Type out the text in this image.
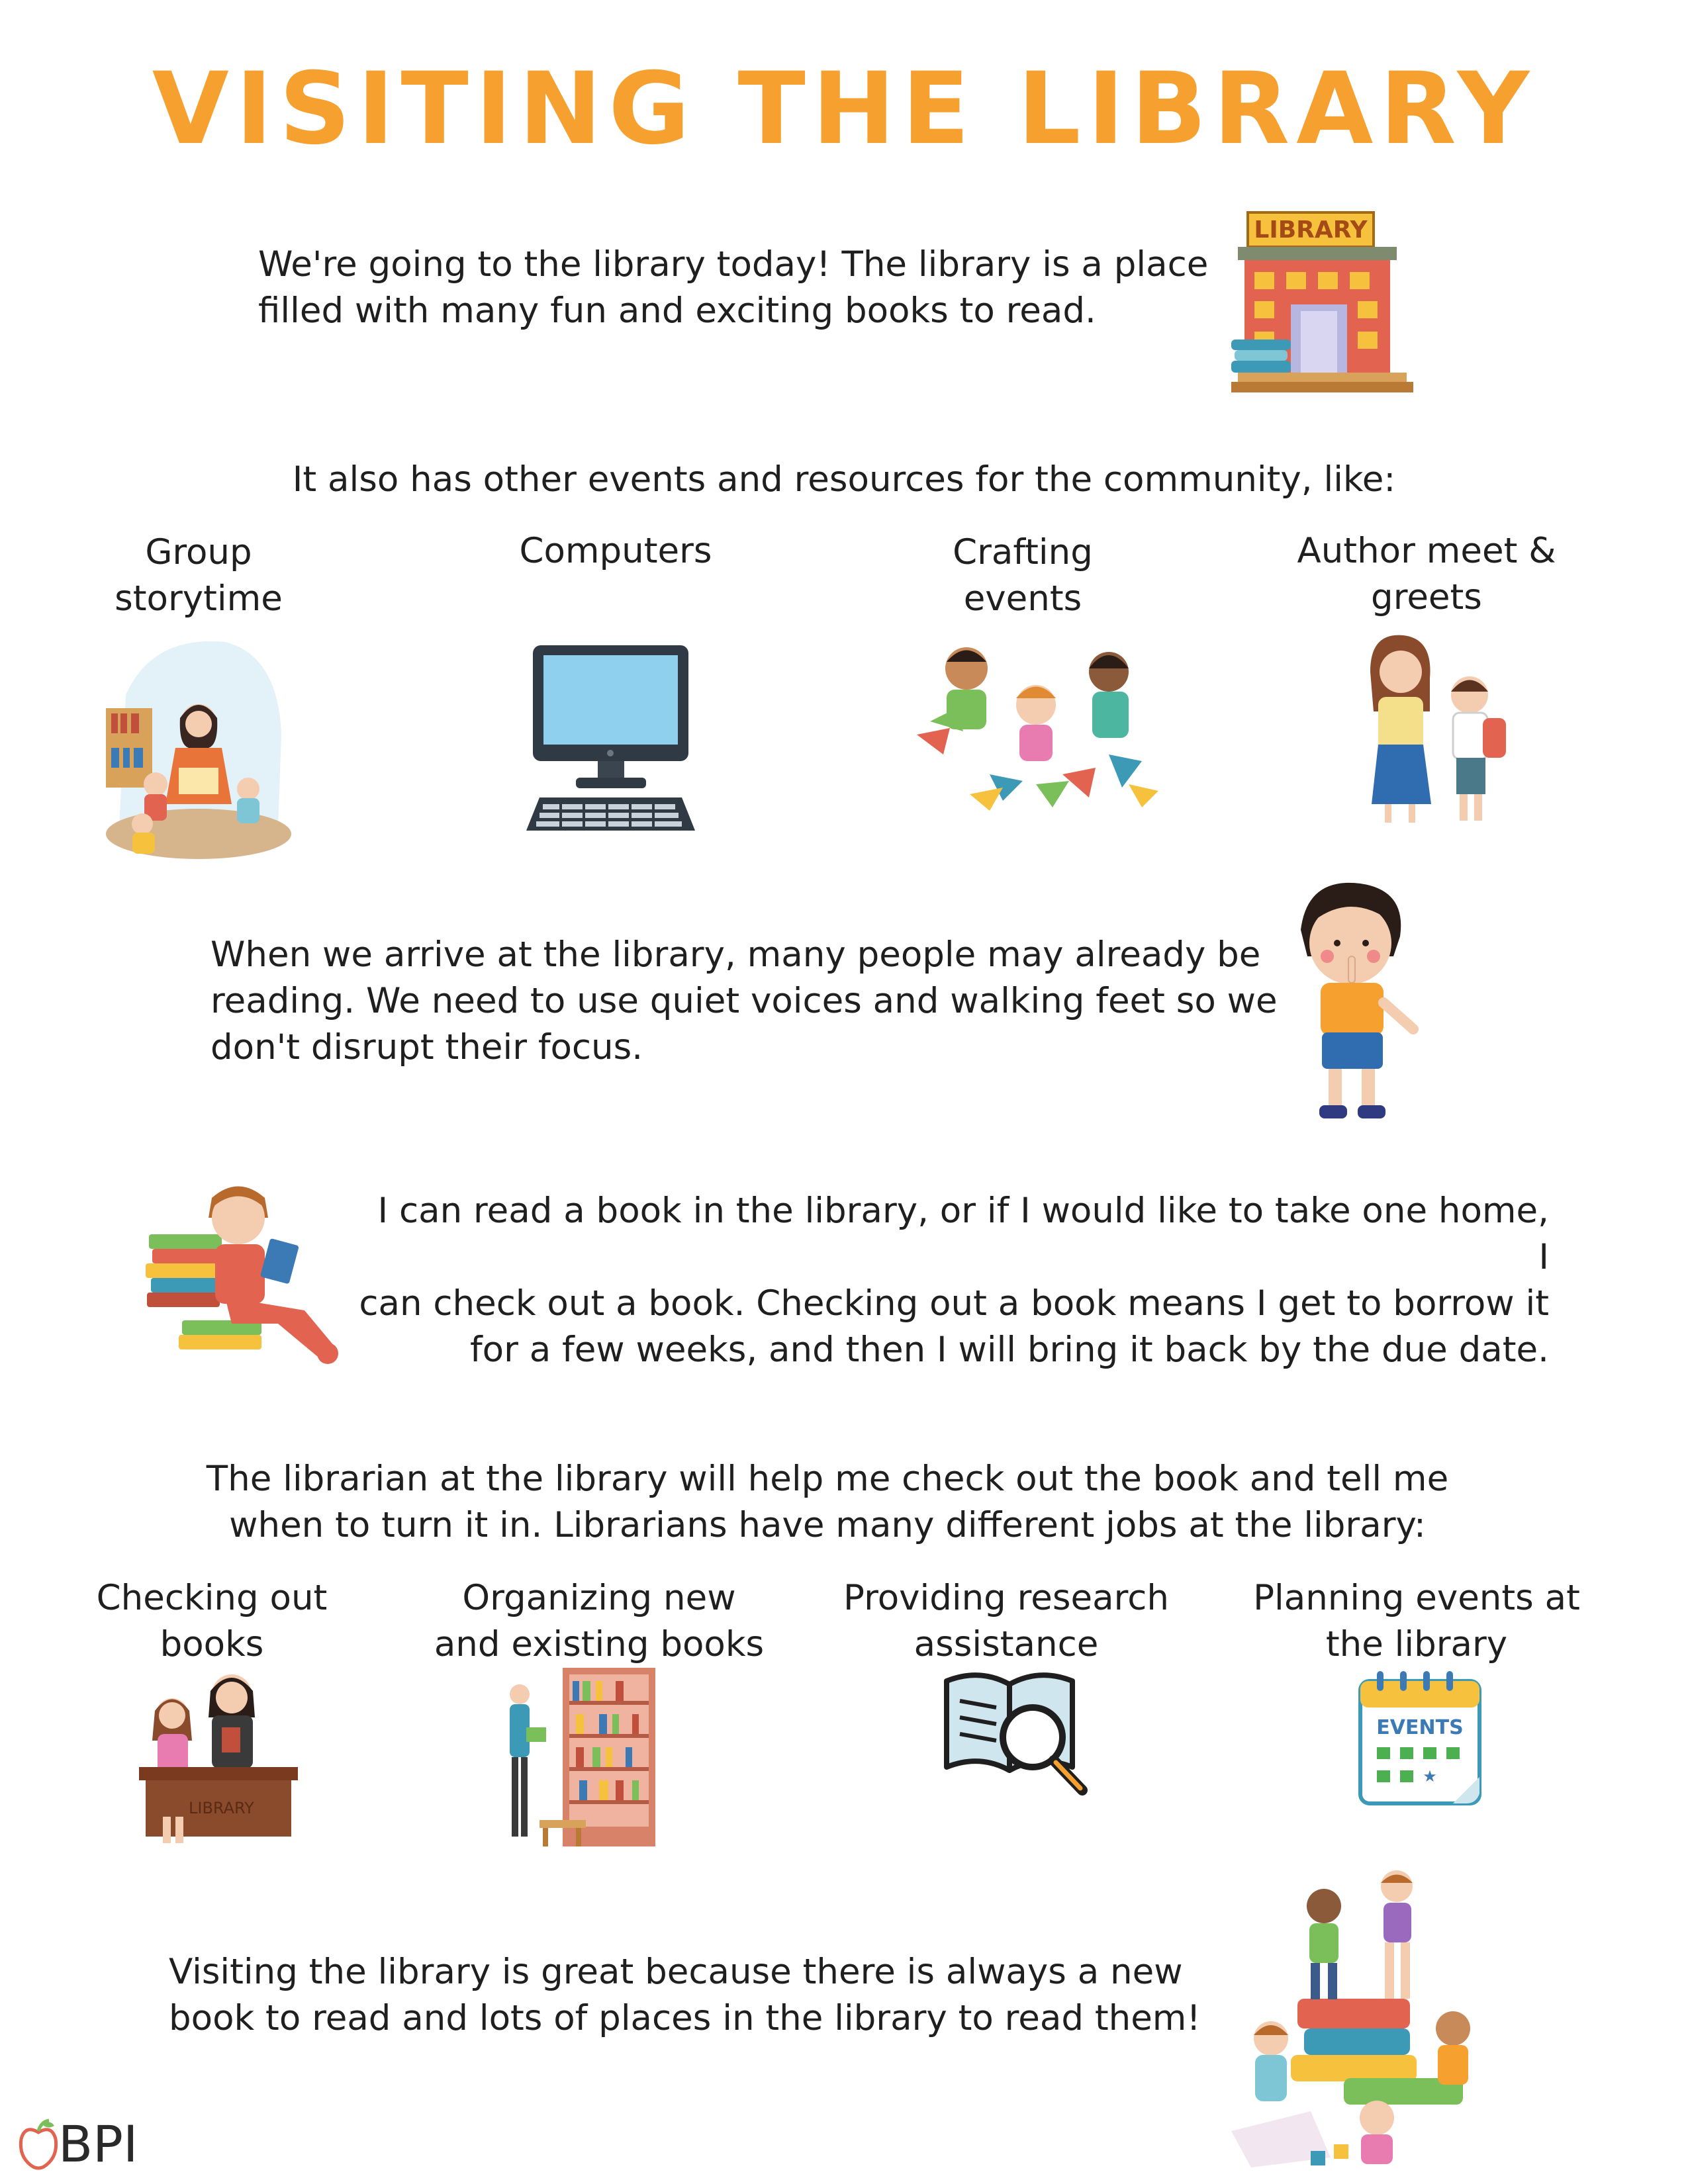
VISITING THE LIBRARY
We're going to the library today! The library is a place
filled with many fun and exciting books to read.
LIBRARY
It also has other events and resources for the community, like:
Group
storytime
Computers	Crafting
events
Author meet &
greets
When we arrive at the library, many people may already be
reading. We need to use quiet voices and walking feet so we
don't disrupt their focus.
I can read a book in the library, or if I would like to take one home, I
can check out a book. Checking out a book means I get to borrow it
for a few weeks, and then I will bring it back by the due date.
The librarian at the library will help me check out the book and tell me
when to turn it in. Librarians have many different jobs at the library:
Checking out
books
Organizing new
and existing books
Providing research
assistance
Planning events at
the library
LIBRARY
EVENTS
★
Visiting the library is great because there is always a new
book to read and lots of places in the library to read them!
BPI
